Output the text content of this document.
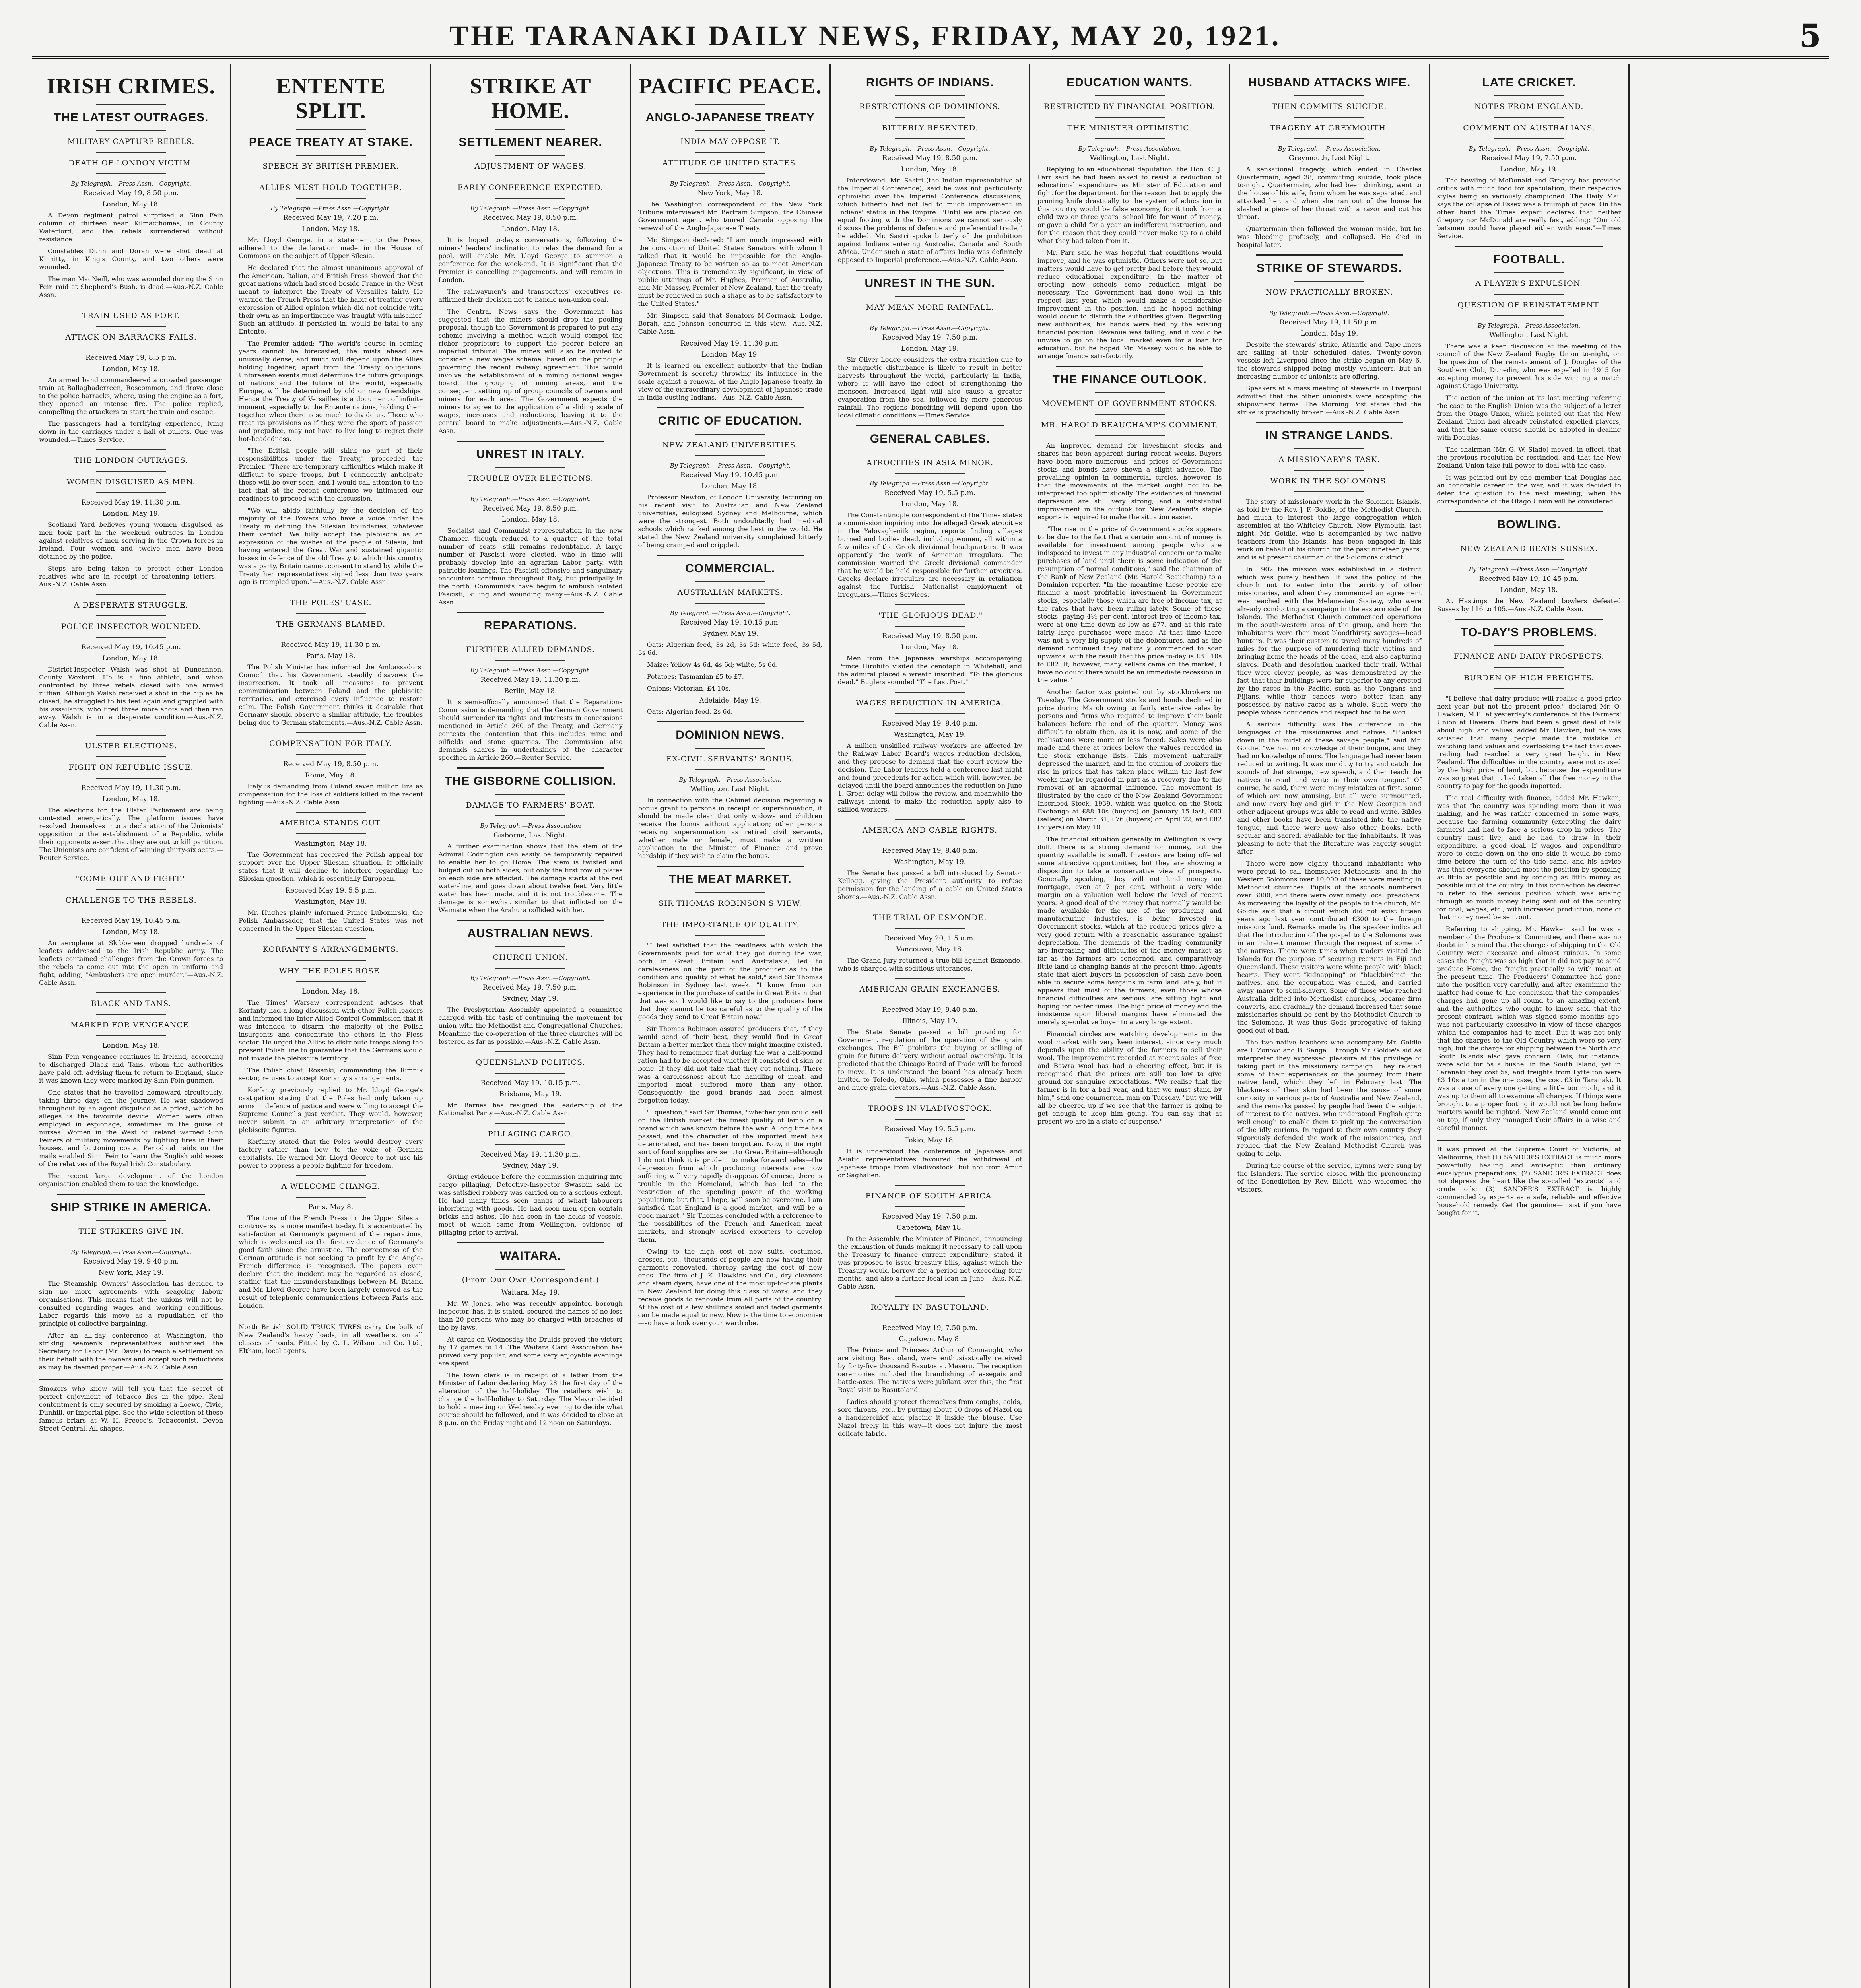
THE TARANAKI DAILY NEWS, FRIDAY, MAY 20, 1921.	5
IRISH CRIMES.
THE LATEST OUTRAGES.
MILITARY CAPTURE REBELS.
DEATH OF LONDON VICTIM.
By Telegraph.—Press Assn.—Copyright.
Received May 19, 8.50 p.m.
London, May 18.
A Devon regiment patrol surprised a Sinn Fein column of thirteen near Kilmacthomas, in County Waterford, and the rebels surrendered without resistance.
Constables Dunn and Doran were shot dead at Kinnitty, in King's County, and two others were wounded.
The man MacNeill, who was wounded during the Sinn Fein raid at Shepherd's Bush, is dead.—Aus.-N.Z. Cable Assn.
TRAIN USED AS FORT.
ATTACK ON BARRACKS FAILS.
Received May 19, 8.5 p.m.
London, May 18.
An armed band commandeered a crowded passenger train at Ballaghaderreen, Roscommon, and drove close to the police barracks, where, using the engine as a fort, they opened an intense fire. The police replied, compelling the attackers to start the train and escape.
The passengers had a terrifying experience, lying down in the carriages under a hail of bullets. One was wounded.—Times Service.
THE LONDON OUTRAGES.
WOMEN DISGUISED AS MEN.
Received May 19, 11.30 p.m.
London, May 19.
Scotland Yard believes young women disguised as men took part in the weekend outrages in London against relatives of men serving in the Crown forces in Ireland. Four women and twelve men have been detained by the police.
Steps are being taken to protect other London relatives who are in receipt of threatening letters.—Aus.-N.Z. Cable Assn.
A DESPERATE STRUGGLE.
POLICE INSPECTOR WOUNDED.
Received May 19, 10.45 p.m.
London, May 18.
District-Inspector Walsh was shot at Duncannon, County Wexford. He is a fine athlete, and when confronted by three rebels closed with one armed ruffian. Although Walsh received a shot in the hip as he closed, he struggled to his feet again and grappled with his assailants, who fired three more shots and then ran away. Walsh is in a desperate condition.—Aus.-N.Z. Cable Assn.
ULSTER ELECTIONS.
FIGHT ON REPUBLIC ISSUE.
Received May 19, 11.30 p.m.
London, May 18.
The elections for the Ulster Parliament are being contested energetically. The platform issues have resolved themselves into a declaration of the Unionists' opposition to the establishment of a Republic, while their opponents assert that they are out to kill partition. The Unionists are confident of winning thirty-six seats.—Reuter Service.
"COME OUT AND FIGHT."
CHALLENGE TO THE REBELS.
Received May 19, 10.45 p.m.
London, May 18.
An aeroplane at Skibbereen dropped hundreds of leaflets addressed to the Irish Republic army. The leaflets contained challenges from the Crown forces to the rebels to come out into the open in uniform and fight, adding, "Ambushers are open murder."—Aus.-N.Z. Cable Assn.
BLACK AND TANS.
MARKED FOR VENGEANCE.
London, May 18.
Sinn Fein vengeance continues in Ireland, according to discharged Black and Tans, whom the authorities have paid off, advising them to return to England, since it was known they were marked by Sinn Fein gunmen.
One states that he travelled homeward circuitously, taking three days on the journey. He was shadowed throughout by an agent disguised as a priest, which he alleges is the favourite device. Women were often employed in espionage, sometimes in the guise of nurses. Women in the West of Ireland warned Sinn Feiners of military movements by lighting fires in their houses, and buttoning coats. Periodical raids on the mails enabled Sinn Fein to learn the English addresses of the relatives of the Royal Irish Constabulary.
The recent large development of the London organisation enabled them to use the knowledge.
SHIP STRIKE IN AMERICA.
THE STRIKERS GIVE IN.
By Telegraph.—Press Assn.—Copyright.
Received May 19, 9.40 p.m.
New York, May 19.
The Steamship Owners' Association has decided to sign no more agreements with seagoing labour organisations. This means that the unions will not be consulted regarding wages and working conditions. Labor regards this move as a repudiation of the principle of collective bargaining.
After an all-day conference at Washington, the striking seamen's representatives authorised the Secretary for Labor (Mr. Davis) to reach a settlement on their behalf with the owners and accept such reductions as may be deemed proper.—Aus.-N.Z. Cable Assn.
Smokers who know will tell you that the secret of perfect enjoyment of tobacco lies in the pipe. Real contentment is only secured by smoking a Loewe, Civic, Dunhill, or Imperial pipe. See the wide selection of these famous briars at W. H. Preece's, Tobacconist, Devon Street Central. All shapes.
ENTENTE SPLIT.
PEACE TREATY AT STAKE.
SPEECH BY BRITISH PREMIER.
ALLIES MUST HOLD TOGETHER.
By Telegraph.—Press Assn.—Copyright.
Received May 19, 7.20 p.m.
London, May 18.
Mr. Lloyd George, in a statement to the Press, adhered to the declaration made in the House of Commons on the subject of Upper Silesia.
He declared that the almost unanimous approval of the American, Italian, and British Press showed that the great nations which had stood beside France in the West meant to interpret the Treaty of Versailles fairly. He warned the French Press that the habit of treating every expression of Allied opinion which did not coincide with their own as an impertinence was fraught with mischief. Such an attitude, if persisted in, would be fatal to any Entente.
The Premier added: "The world's course in coming years cannot be forecasted; the mists ahead are unusually dense, and much will depend upon the Allies holding together, apart from the Treaty obligations. Unforeseen events must determine the future groupings of nations and the future of the world, especially Europe, will be determined by old or new friendships. Hence the Treaty of Versailles is a document of infinite moment, especially to the Entente nations, holding them together when there is so much to divide us. Those who treat its provisions as if they were the sport of passion and prejudice, may not have to live long to regret their hot-headedness.
"The British people will shirk no part of their responsibilities under the Treaty," proceeded the Premier. "There are temporary difficulties which make it difficult to spare troops, but I confidently anticipate these will be over soon, and I would call attention to the fact that at the recent conference we intimated our readiness to proceed with the discussion.
"We will abide faithfully by the decision of the majority of the Powers who have a voice under the Treaty in defining the Silesian boundaries, whatever their verdict. We fully accept the plebiscite as an expression of the wishes of the people of Silesia, but having entered the Great War and sustained gigantic losses in defence of the old Treaty to which this country was a party, Britain cannot consent to stand by while the Treaty her representatives signed less than two years ago is trampled upon."—Aus.-N.Z. Cable Assn.
THE POLES' CASE.
THE GERMANS BLAMED.
Received May 19, 11.30 p.m.
Paris, May 18.
The Polish Minister has informed the Ambassadors' Council that his Government steadily disavows the insurrection. It took all measures to prevent communication between Poland and the plebiscite territories, and exercised every influence to restore calm. The Polish Government thinks it desirable that Germany should observe a similar attitude, the troubles being due to German statements.—Aus.-N.Z. Cable Assn.
COMPENSATION FOR ITALY.
Received May 19, 8.50 p.m.
Rome, May 18.
Italy is demanding from Poland seven million lira as compensation for the loss of soldiers killed in the recent fighting.—Aus.-N.Z. Cable Assn.
AMERICA STANDS OUT.
Washington, May 18.
The Government has received the Polish appeal for support over the Upper Silesian situation. It officially states that it will decline to interfere regarding the Silesian question, which is essentially European.
Received May 19, 5.5 p.m.
Washington, May 18.
Mr. Hughes plainly informed Prince Lubomirski, the Polish Ambassador, that the United States was not concerned in the Upper Silesian question.
KORFANTY'S ARRANGEMENTS.
WHY THE POLES ROSE.
London, May 18.
The Times' Warsaw correspondent advises that Korfanty had a long discussion with other Polish leaders and informed the Inter-Allied Control Commission that it was intended to disarm the majority of the Polish insurgents and concentrate the others in the Pless sector. He urged the Allies to distribute troops along the present Polish line to guarantee that the Germans would not invade the plebiscite territory.
The Polish chief, Rosanki, commanding the Rimnik sector, refuses to accept Korfanty's arrangements.
Korfanty previously replied to Mr. Lloyd George's castigation stating that the Poles had only taken up arms in defence of justice and were willing to accept the Supreme Council's just verdict. They would, however, never submit to an arbitrary interpretation of the plebiscite figures.
Korfanty stated that the Poles would destroy every factory rather than bow to the yoke of German capitalists. He warned Mr. Lloyd George to not use his power to oppress a people fighting for freedom.
A WELCOME CHANGE.
Paris, May 8.
The tone of the French Press in the Upper Silesian controversy is more manifest to-day. It is accentuated by satisfaction at Germany's payment of the reparations, which is welcomed as the first evidence of Germany's good faith since the armistice. The correctness of the German attitude is not seeking to profit by the Anglo-French difference is recognised. The papers even declare that the incident may be regarded as closed, stating that the misunderstandings between M. Briand and Mr. Lloyd George have been largely removed as the result of telephonic communications between Paris and London.
North British SOLID TRUCK TYRES carry the bulk of New Zealand's heavy loads, in all weathers, on all classes of roads. Fitted by C. L. Wilson and Co. Ltd., Eltham, local agents.
STRIKE AT HOME.
SETTLEMENT NEARER.
ADJUSTMENT OF WAGES.
EARLY CONFERENCE EXPECTED.
By Telegraph.—Press Assn.—Copyright.
Received May 19, 8.50 p.m.
London, May 18.
It is hoped to-day's conversations, following the miners' leaders' inclination to relax the demand for a pool, will enable Mr. Lloyd George to summon a conference for the week-end. It is significant that the Premier is cancelling engagements, and will remain in London.
The railwaymen's and transporters' executives re-affirmed their decision not to handle non-union coal.
The Central News says the Government has suggested that the miners should drop the pooling proposal, though the Government is prepared to put any scheme involving a method which would compel the richer proprietors to support the poorer before an impartial tribunal. The mines will also be invited to consider a new wages scheme, based on the principle governing the recent railway agreement. This would involve the establishment of a mining national wages board, the grouping of mining areas, and the consequent setting up of group councils of owners and miners for each area. The Government expects the miners to agree to the application of a sliding scale of wages, increases and reductions, leaving it to the central board to make adjustments.—Aus.-N.Z. Cable Assn.
UNREST IN ITALY.
TROUBLE OVER ELECTIONS.
By Telegraph.—Press Assn.—Copyright.
Received May 19, 8.50 p.m.
London, May 18.
Socialist and Communist representation in the new Chamber, though reduced to a quarter of the total number of seats, still remains redoubtable. A large number of Fascisti were elected, who in time will probably develop into an agrarian Labor party, with patriotic leanings. The Fascisti offensive and sanguinary encounters continue throughout Italy, but principally in the north. Communists have begun to ambush isolated Fascisti, killing and wounding many.—Aus.-N.Z. Cable Assn.
REPARATIONS.
FURTHER ALLIED DEMANDS.
By Telegraph.—Press Assn.—Copyright.
Received May 19, 11.30 p.m.
Berlin, May 18.
It is semi-officially announced that the Reparations Commission is demanding that the German Government should surrender its rights and interests in concessions mentioned in Article 260 of the Treaty, and Germany contests the contention that this includes mine and oilfields and stone quarries. The Commission also demands shares in undertakings of the character specified in Article 260.—Reuter Service.
THE GISBORNE COLLISION.
DAMAGE TO FARMERS' BOAT.
By Telegraph.—Press Association
Gisborne, Last Night.
A further examination shows that the stem of the Admiral Codrington can easily be temporarily repaired to enable her to go Home. The stem is twisted and bulged out on both sides, but only the first row of plates on each side are affected. The damage starts at the red water-line, and goes down about twelve feet. Very little water has been made, and it is not troublesome. The damage is somewhat similar to that inflicted on the Waimate when the Arahura collided with her.
AUSTRALIAN NEWS.
CHURCH UNION.
By Telegraph.—Press Assn.—Copyright.
Received May 19, 7.50 p.m.
Sydney, May 19.
The Presbyterian Assembly appointed a committee charged with the task of continuing the movement for union with the Methodist and Congregational Churches. Meantime the co-operation of the three churches will be fostered as far as possible.—Aus.-N.Z. Cable Assn.
QUEENSLAND POLITICS.
Received May 19, 10.15 p.m.
Brisbane, May 19.
Mr. Barnes has resigned the leadership of the Nationalist Party.—Aus.-N.Z. Cable Assn.
PILLAGING CARGO.
Received May 19, 11.30 p.m.
Sydney, May 19.
Giving evidence before the commission inquiring into cargo pillaging, Detective-Inspector Swasbin said he was satisfied robbery was carried on to a serious extent. He had many times seen gangs of wharf labourers interfering with goods. He had seen men open contain bricks and ashes. He had seen in the holds of vessels, most of which came from Wellington, evidence of pillaging prior to arrival.
WAITARA.
(From Our Own Correspondent.)
Waitara, May 19.
Mr. W. Jones, who was recently appointed borough inspector, has, it is stated, secured the names of no less than 20 persons who may be charged with breaches of the by-laws.
At cards on Wednesday the Druids proved the victors by 17 games to 14. The Waitara Card Association has proved very popular, and some very enjoyable evenings are spent.
The town clerk is in receipt of a letter from the Minister of Labor declaring May 28 the first day of the alteration of the half-holiday. The retailers wish to change the half-holiday to Saturday. The Mayor decided to hold a meeting on Wednesday evening to decide what course should be followed, and it was decided to close at 8 p.m. on the Friday night and 12 noon on Saturdays.
PACIFIC PEACE.
ANGLO-JAPANESE TREATY
INDIA MAY OPPOSE IT.
ATTITUDE OF UNITED STATES.
By Telegraph.—Press Assn.—Copyright.
New York, May 18.
The Washington correspondent of the New York Tribune interviewed Mr. Bertram Simpson, the Chinese Government agent who toured Canada opposing the renewal of the Anglo-Japanese Treaty.
Mr. Simpson declared: "I am much impressed with the conviction of United States Senators with whom I talked that it would be impossible for the Anglo-Japanese Treaty to be written so as to meet American objections. This is tremendously significant, in view of public utterings of Mr. Hughes, Premier of Australia, and Mr. Massey, Premier of New Zealand, that the treaty must be renewed in such a shape as to be satisfactory to the United States."
Mr. Simpson said that Senators M'Cormack, Lodge, Borah, and Johnson concurred in this view.—Aus.-N.Z. Cable Assn.
Received May 19, 11.30 p.m.
London, May 19.
It is learned on excellent authority that the Indian Government is secretly throwing its influence in the scale against a renewal of the Anglo-Japanese treaty, in view of the extraordinary development of Japanese trade in India ousting Indians.—Aus.-N.Z. Cable Assn.
CRITIC OF EDUCATION.
NEW ZEALAND UNIVERSITIES.
By Telegraph.—Press Assn.—Copyright.
Received May 19, 10.45 p.m.
London, May 18.
Professor Newton, of London University, lecturing on his recent visit to Australian and New Zealand universities, eulogised Sydney and Melbourne, which were the strongest. Both undoubtedly had medical schools which ranked among the best in the world. He stated the New Zealand university complained bitterly of being cramped and crippled.
COMMERCIAL.
AUSTRALIAN MARKETS.
By Telegraph.—Press Assn.—Copyright.
Received May 19, 10.15 p.m.
Sydney, May 19.
Oats: Algerian feed, 3s 2d, 3s 5d; white feed, 3s 5d, 3s 6d.
Maize: Yellow 4s 6d, 4s 6d; white, 5s 6d.
Potatoes: Tasmanian £5 to £7.
Onions: Victorian, £4 10s.
Adelaide, May 19.
Oats: Algerian feed, 2s 6d.
DOMINION NEWS.
EX-CIVIL SERVANTS' BONUS.
By Telegraph.—Press Association.
Wellington, Last Night.
In connection with the Cabinet decision regarding a bonus grant to persons in receipt of superannuation, it should be made clear that only widows and children receive the bonus without application; other persons receiving superannuation as retired civil servants, whether male or female, must make a written application to the Minister of Finance and prove hardship if they wish to claim the bonus.
THE MEAT MARKET.
SIR THOMAS ROBINSON'S VIEW.
THE IMPORTANCE OF QUALITY.
"I feel satisfied that the readiness with which the Governments paid for what they got during the war, both in Great Britain and Australasia, led to carelessness on the part of the producer as to the condition and quality of what he sold," said Sir Thomas Robinson in Sydney last week. "I know from our experience in the purchase of cattle in Great Britain that that was so. I would like to say to the producers here that they cannot be too careful as to the quality of the goods they send to Great Britain now."
Sir Thomas Robinson assured producers that, if they would send of their best, they would find in Great Britain a better market than they might imagine existed. They had to remember that during the war a half-pound ration had to be accepted whether it consisted of skin or bone. If they did not take that they got nothing. There was a carelessness about the handling of meat, and imported meat suffered more than any other. Consequently the good brands had been almost forgotten today.
"I question," said Sir Thomas, "whether you could sell on the British market the finest quality of lamb on a brand which was known before the war. A long time has passed, and the character of the imported meat has deteriorated, and has been forgotten. Now, if the right sort of food supplies are sent to Great Britain—although I do not think it is prudent to make forward sales—the depression from which producing interests are now suffering will very rapidly disappear. Of course, there is trouble in the Homeland, which has led to the restriction of the spending power of the working population; but that, I hope, will soon be overcome. I am satisfied that England is a good market, and will be a good market." Sir Thomas concluded with a reference to the possibilities of the French and American meat markets, and strongly advised exporters to develop them.
Owing to the high cost of new suits, costumes, dresses, etc., thousands of people are now having their garments renovated, thereby saving the cost of new ones. The firm of J. K. Hawkins and Co., dry cleaners and steam dyers, have one of the most up-to-date plants in New Zealand for doing this class of work, and they receive goods to renovate from all parts of the country. At the cost of a few shillings soiled and faded garments can be made equal to new. Now is the time to economise—so have a look over your wardrobe.
RIGHTS OF INDIANS.
RESTRICTIONS OF DOMINIONS.
BITTERLY RESENTED.
By Telegraph.—Press Assn.—Copyright.
Received May 19, 8.50 p.m.
London, May 18.
Interviewed, Mr. Sastri (the Indian representative at the Imperial Conference), said he was not particularly optimistic over the Imperial Conference discussions, which hitherto had not led to much improvement in Indians' status in the Empire. "Until we are placed on equal footing with the Dominions we cannot seriously discuss the problems of defence and preferential trade," he added. Mr. Sastri spoke bitterly of the prohibition against Indians entering Australia, Canada and South Africa. Under such a state of affairs India was definitely opposed to Imperial preference.—Aus.-N.Z. Cable Assn.
UNREST IN THE SUN.
MAY MEAN MORE RAINFALL.
By Telegraph.—Press Assn.—Copyright.
Received May 19, 7.50 p.m.
London, May 19.
Sir Oliver Lodge considers the extra radiation due to the magnetic disturbance is likely to result in better harvests throughout the world, particularly in India, where it will have the effect of strengthening the monsoon. Increased light will also cause a greater evaporation from the sea, followed by more generous rainfall. The regions benefiting will depend upon the local climatic conditions.—Times Service.
GENERAL CABLES.
ATROCITIES IN ASIA MINOR.
By Telegraph.—Press Assn.—Copyright.
Received May 19, 5.5 p.m.
London, May 18.
The Constantinople correspondent of the Times states a commission inquiring into the alleged Greek atrocities in the Yalovagheniik region, reports finding villages burned and bodies dead, including women, all within a few miles of the Greek divisional headquarters. It was apparently the work of Armenian irregulars. The commission warned the Greek divisional commander that he would be held responsible for further atrocities. Greeks declare irregulars are necessary in retaliation against the Turkish Nationalist employment of irregulars.—Times Services.
"THE GLORIOUS DEAD."
Received May 19, 8.50 p.m.
London, May 18.
Men from the Japanese warships accompanying Prince Hirohito visited the cenotaph in Whitehall, and the admiral placed a wreath inscribed: "To the glorious dead." Buglers sounded "The Last Post."
WAGES REDUCTION IN AMERICA.
Received May 19, 9.40 p.m.
Washington, May 19.
A million unskilled railway workers are affected by the Railway Labor Board's wages reduction decision, and they propose to demand that the court review the decision. The Labor leaders held a conference last night and found precedents for action which will, however, be delayed until the board announces the reduction on June 1. Great delay will follow the review, and meanwhile the railways intend to make the reduction apply also to skilled workers.
AMERICA AND CABLE RIGHTS.
Received May 19, 9.40 p.m.
Washington, May 19.
The Senate has passed a bill introduced by Senator Kellogg, giving the President authority to refuse permission for the landing of a cable on United States shores.—Aus.-N.Z. Cable Assn.
THE TRIAL OF ESMONDE.
Received May 20, 1.5 a.m.
Vancouver, May 18.
The Grand Jury returned a true bill against Esmonde, who is charged with seditious utterances.
AMERICAN GRAIN EXCHANGES.
Received May 19, 9.40 p.m.
Illinois, May 19.
The State Senate passed a bill providing for Government regulation of the operation of the grain exchanges. The Bill prohibits the buying or selling of grain for future delivery without actual ownership. It is predicted that the Chicago Board of Trade will be forced to move. It is understood the board has already been invited to Toledo, Ohio, which possesses a fine harbor and huge grain elevators.—Aus.-N.Z. Cable Assn.
TROOPS IN VLADIVOSTOCK.
Received May 19, 5.5 p.m.
Tokio, May 18.
It is understood the conference of Japanese and Asiatic representatives favoured the withdrawal of Japanese troops from Vladivostock, but not from Amur or Saghalien.
FINANCE OF SOUTH AFRICA.
Received May 19, 7.50 p.m.
Capetown, May 18.
In the Assembly, the Minister of Finance, announcing the exhaustion of funds making it necessary to call upon the Treasury to finance current expenditure, stated it was proposed to issue treasury bills, against which the Treasury would borrow for a period not exceeding four months, and also a further local loan in June.—Aus.-N.Z. Cable Assn.
ROYALTY IN BASUTOLAND.
Received May 19, 7.50 p.m.
Capetown, May 8.
The Prince and Princess Arthur of Connaught, who are visiting Basutoland, were enthusiastically received by forty-five thousand Basutos at Maseru. The reception ceremonies included the brandishing of assegais and battle-axes. The natives were jubilant over this, the first Royal visit to Basutoland.
Ladies should protect themselves from coughs, colds, sore throats, etc., by putting about 10 drops of Nazol on a handkerchief and placing it inside the blouse. Use Nazol freely in this way—it does not injure the most delicate fabric.
EDUCATION WANTS.
RESTRICTED BY FINANCIAL POSITION.
THE MINISTER OPTIMISTIC.
By Telegraph.—Press Association.
Wellington, Last Night.
Replying to an educational deputation, the Hon. C. J. Parr said he had been asked to resist a reduction of educational expenditure as Minister of Education and fight for the department, for the reason that to apply the pruning knife drastically to the system of education in this country would be false economy, for it took from a child two or three years' school life for want of money, or gave a child for a year an indifferent instruction, and for the reason that they could never make up to a child what they had taken from it.
Mr. Parr said he was hopeful that conditions would improve, and he was optimistic. Others were not so, but matters would have to get pretty bad before they would reduce educational expenditure. In the matter of erecting new schools some reduction might be necessary. The Government had done well in this respect last year, which would make a considerable improvement in the position, and he hoped nothing would occur to disturb the authorities given. Regarding new authorities, his hands were tied by the existing financial position. Revenue was falling, and it would be unwise to go on the local market even for a loan for education, but he hoped Mr. Massey would be able to arrange finance satisfactorily.
THE FINANCE OUTLOOK.
MOVEMENT OF GOVERNMENT STOCKS.
MR. HAROLD BEAUCHAMP'S COMMENT.
An improved demand for investment stocks and shares has been apparent during recent weeks. Buyers have been more numerous, and prices of Government stocks and bonds have shown a slight advance. The prevailing opinion in commercial circles, however, is that the movements of the market ought not to be interpreted too optimistically. The evidences of financial depression are still very strong, and a substantial improvement in the outlook for New Zealand's staple exports is required to make the situation easier.
"The rise in the price of Government stocks appears to be due to the fact that a certain amount of money is available for investment among people who are indisposed to invest in any industrial concern or to make purchases of land until there is some indication of the resumption of normal conditions," said the chairman of the Bank of New Zealand (Mr. Harold Beauchamp) to a Dominion reporter. "In the meantime these people are finding a most profitable investment in Government stocks, especially those which are free of income tax, at the rates that have been ruling lately. Some of these stocks, paying 4½ per cent. interest free of income tax, were at one time down as low as £77, and at this rate fairly large purchases were made. At that time there was not a very big supply of the debentures, and as the demand continued they naturally commenced to soar upwards, with the result that the price to-day is £81 10s to £82. If, however, many sellers came on the market, I have no doubt there would be an immediate recession in the value."
Another factor was pointed out by stockbrokers on Tuesday. The Government stocks and bonds declined in price during March owing to fairly extensive sales by persons and firms who required to improve their bank balances before the end of the quarter. Money was difficult to obtain then, as it is now, and some of the realisations were more or less forced. Sales were also made and there at prices below the values recorded in the stock exchange lists. This movement naturally depressed the market, and in the opinion of brokers the rise in prices that has taken place within the last few weeks may be regarded in part as a recovery due to the removal of an abnormal influence. The movement is illustrated by the case of the New Zealand Government Inscribed Stock, 1939, which was quoted on the Stock Exchange at £88 10s (buyers) on January 15 last, £83 (sellers) on March 31, £76 (buyers) on April 22, and £82 (buyers) on May 10.
The financial situation generally in Wellington is very dull. There is a strong demand for money, but the quantity available is small. Investors are being offered some attractive opportunities, but they are showing a disposition to take a conservative view of prospects. Generally speaking, they will not lend money on mortgage, even at 7 per cent. without a very wide margin on a valuation well below the level of recent years. A good deal of the money that normally would be made available for the use of the producing and manufacturing industries, is being invested in Government stocks, which at the reduced prices give a very good return with a reasonable assurance against depreciation. The demands of the trading community are increasing and difficulties of the money market as far as the farmers are concerned, and comparatively little land is changing hands at the present time. Agents state that alert buyers in possession of cash have been able to secure some bargains in farm land lately, but it appears that most of the farmers, even those whose financial difficulties are serious, are sitting tight and hoping for better times. The high price of money and the insistence upon liberal margins have eliminated the merely speculative buyer to a very large extent.
Financial circles are watching developments in the wool market with very keen interest, since very much depends upon the ability of the farmers to sell their wool. The improvement recorded at recent sales of free and Bawra wool has had a cheering effect, but it is recognised that the prices are still too low to give ground for sanguine expectations. "We realise that the farmer is in for a bad year, and that we must stand by him," said one commercial man on Tuesday, "but we will all be cheered up if we see that the farmer is going to get enough to keep him going. You can say that at present we are in a state of suspense."
HUSBAND ATTACKS WIFE.
THEN COMMITS SUICIDE.
TRAGEDY AT GREYMOUTH.
By Telegraph.—Press Association.
Greymouth, Last Night.
A sensational tragedy, which ended in Charles Quartermain, aged 38, committing suicide, took place to-night. Quartermain, who had been drinking, went to the house of his wife, from whom he was separated, and attacked her, and when she ran out of the house he slashed a piece of her throat with a razor and cut his throat.
Quartermain then followed the woman inside, but he was bleeding profusely, and collapsed. He died in hospital later.
STRIKE OF STEWARDS.
NOW PRACTICALLY BROKEN.
By Telegraph.—Press Assn.—Copyright.
Received May 19, 11.50 p.m.
London, May 19.
Despite the stewards' strike, Atlantic and Cape liners are sailing at their scheduled dates. Twenty-seven vessels left Liverpool since the strike began on May 6, the stewards shipped being mostly volunteers, but an increasing number of unionists are offering.
Speakers at a mass meeting of stewards in Liverpool admitted that the other unionists were accepting the shipowners' terms. The Morning Post states that the strike is practically broken.—Aus.-N.Z. Cable Assn.
IN STRANGE LANDS.
A MISSIONARY'S TASK.
WORK IN THE SOLOMONS.
The story of missionary work in the Solomon Islands, as told by the Rev. J. F. Goldie, of the Methodist Church, had much to interest the large congregation which assembled at the Whiteley Church, New Plymouth, last night. Mr. Goldie, who is accompanied by two native teachers from the Islands, has been engaged in this work on behalf of his church for the past nineteen years, and is at present chairman of the Solomons district.
In 1902 the mission was established in a district which was purely heathen. It was the policy of the church not to enter into the territory of other missionaries, and when they commenced an agreement was reached with the Melanesian Society, who were already conducting a campaign in the eastern side of the Islands. The Methodist Church commenced operations in the south-western area of the group, and here the inhabitants were then most bloodthirsty savages—head hunters. It was their custom to travel many hundreds of miles for the purpose of murdering their victims and bringing home the heads of the dead, and also capturing slaves. Death and desolation marked their trail. Withal they were clever people, as was demonstrated by the fact that their buildings were far superior to any erected by the races in the Pacific, such as the Tongans and Fijians, while their canoes were better than any possessed by native races as a whole. Such were the people whose confidence and respect had to be won.
A serious difficulty was the difference in the languages of the missionaries and natives. "Planked down in the midst of these savage people," said Mr. Goldie, "we had no knowledge of their tongue, and they had no knowledge of ours. The language had never been reduced to writing. It was our duty to try and catch the sounds of that strange, new speech, and then teach the natives to read and write in their own tongue." Of course, he said, there were many mistakes at first, some of which are now amusing, but all were surmounted, and now every boy and girl in the New Georgian and other adjacent groups was able to read and write. Bibles and other books have been translated into the native tongue, and there were now also other books, both secular and sacred, available for the inhabitants. It was pleasing to note that the literature was eagerly sought after.
There were now eighty thousand inhabitants who were proud to call themselves Methodists, and in the Western Solomons over 10,000 of these were meeting in Methodist churches. Pupils of the schools numbered over 3000, and there were over ninety local preachers. As increasing the loyalty of the people to the church, Mr. Goldie said that a circuit which did not exist fifteen years ago last year contributed £300 to the foreign missions fund. Remarks made by the speaker indicated that the introduction of the gospel to the Solomons was in an indirect manner through the request of some of the natives. There were times when traders visited the Islands for the purpose of securing recruits in Fiji and Queensland. These visitors were white people with black hearts. They went "kidnapping" or "blackbirding" the natives, and the occupation was called, and carried away many to semi-slavery. Some of those who reached Australia drifted into Methodist churches, became firm converts, and gradually the demand increased that some missionaries should be sent by the Methodist Church to the Solomons. It was thus Gods prerogative of taking good out of bad.
The two native teachers who accompany Mr. Goldie are I. Zonovo and B. Sanga. Through Mr. Goldie's aid as interpreter they expressed pleasure at the privilege of taking part in the missionary campaign. They related some of their experiences on the journey from their native land, which they left in February last. The blackness of their skin had been the cause of some curiosity in various parts of Australia and New Zealand, and the remarks passed by people had been the subject of interest to the natives, who understood English quite well enough to enable them to pick up the conversation of the idly curious. In regard to their own country they vigorously defended the work of the missionaries, and replied that the New Zealand Methodist Church was going to help.
During the course of the service, hymns were sung by the Islanders. The service closed with the pronouncing of the Benediction by Rev. Elliott, who welcomed the visitors.
LATE CRICKET.
NOTES FROM ENGLAND.
COMMENT ON AUSTRALIANS.
By Telegraph.—Press Assn.—Copyright.
Received May 19, 7.50 p.m.
London, May 19.
The bowling of McDonald and Gregory has provided critics with much food for speculation, their respective styles being so variously championed. The Daily Mail says the collapse of Essex was a triumph of pace. On the other hand the Times expert declares that neither Gregory nor McDonald are really fast, adding: "Our old batsmen could have played either with ease."—Times Service.
FOOTBALL.
A PLAYER'S EXPULSION.
QUESTION OF REINSTATEMENT.
By Telegraph.—Press Association.
Wellington, Last Night.
There was a keen discussion at the meeting of the council of the New Zealand Rugby Union to-night, on the question of the reinstatement of J. Douglas of the Southern Club, Dunedin, who was expelled in 1915 for accepting money to prevent his side winning a match against Otago University.
The action of the union at its last meeting referring the case to the English Union was the subject of a letter from the Otago Union, which pointed out that the New Zealand Union had already reinstated expelled players, and that the same course should be adopted in dealing with Douglas.
The chairman (Mr. G. W. Slade) moved, in effect, that the previous resolution be rescinded, and that the New Zealand Union take full power to deal with the case.
It was pointed out by one member that Douglas had an honorable career in the war, and it was decided to defer the question to the next meeting, when the correspondence of the Otago Union will be considered.
BOWLING.
NEW ZEALAND BEATS SUSSEX.
By Telegraph.—Press Assn.—Copyright.
Received May 19, 10.45 p.m.
London, May 18.
At Hastings the New Zealand bowlers defeated Sussex by 116 to 105.—Aus.-N.Z. Cable Assn.
TO-DAY'S PROBLEMS.
FINANCE AND DAIRY PROSPECTS.
BURDEN OF HIGH FREIGHTS.
"I believe that dairy produce will realise a good price next year, but not the present price," declared Mr. O. Hawken, M.P., at yesterday's conference of the Farmers' Union at Hawera. There had been a great deal of talk about high land values, added Mr. Hawken, but he was satisfied that many people made the mistake of watching land values and overlooking the fact that over-trading had reached a very great height in New Zealand. The difficulties in the country were not caused by the high price of land, but because the expenditure was so great that it had taken all the free money in the country to pay for the goods imported.
The real difficulty with finance, added Mr. Hawken, was that the country was spending more than it was making, and he was rather concerned in some ways, because the farming community (excepting the dairy farmers) had had to face a serious drop in prices. The country must live, and he had to draw in their expenditure, a good deal. If wages and expenditure were to come down on the one side it would be some time before the turn of the tide came, and his advice was that everyone should meet the position by spending as little as possible and by sending as little money as possible out of the country. In this connection he desired to refer to the serious position which was arising through so much money being sent out of the country for coal, wages, etc., with increased production, none of that money need be sent out.
Referring to shipping, Mr. Hawken said he was a member of the Producers' Committee, and there was no doubt in his mind that the charges of shipping to the Old Country were excessive and almost ruinous. In some cases the freight was so high that it did not pay to send produce Home, the freight practically so with meat at the present time. The Producers' Committee had gone into the position very carefully, and after examining the matter had come to the conclusion that the companies' charges had gone up all round to an amazing extent, and the authorities who ought to know said that the present contract, which was signed some months ago, was not particularly excessive in view of these charges which the companies had to meet. But it was not only that the charges to the Old Country which were so very high, but the charge for shipping between the North and South Islands also gave concern. Oats, for instance, were sold for 5s a bushel in the South Island, yet in Taranaki they cost 5s, and freights from Lyttelton were £3 10s a ton in the one case, the cost £3 in Taranaki. It was a case of every one getting a little too much, and it was up to them all to examine all charges. If things were brought to a proper footing it would not be long before matters would be righted. New Zealand would come out on top, if only they managed their affairs in a wise and careful manner.
It was proved at the Supreme Court of Victoria, at Melbourne, that (1) SANDER'S EXTRACT is much more powerfully healing and antiseptic than ordinary eucalyptus preparations; (2) SANDER'S EXTRACT does not depress the heart like the so-called "extracts" and crude oils; (3) SANDER'S EXTRACT is highly commended by experts as a safe, reliable and effective household remedy. Get the genuine—insist if you have bought for it.
